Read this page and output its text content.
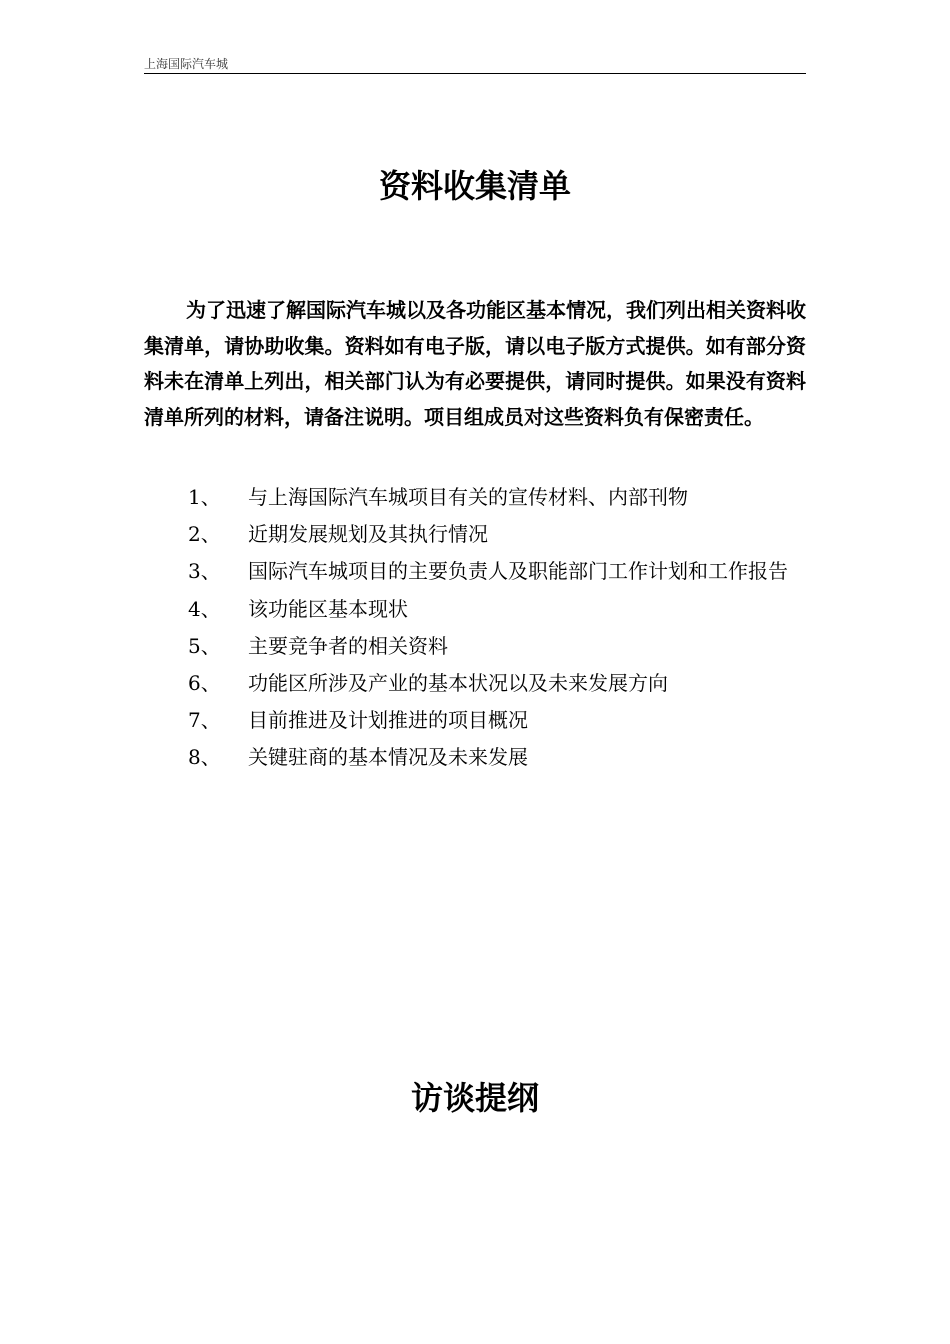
上海国际汽车城
资料收集清单

为了迅速了解国际汽车城以及各功能区基本情况，我们列出相关资料收集清单，请协助收集。资料如有电子版，请以电子版方式提供。如有部分资料未在清单上列出，相关部门认为有必要提供，请同时提供。如果没有资料清单所列的材料，请备注说明。项目组成员对这些资料负有保密责任。

1、 与上海国际汽车城项目有关的宣传材料、内部刊物
2、 近期发展规划及其执行情况
3、 国际汽车城项目的主要负责人及职能部门工作计划和工作报告
4、 该功能区基本现状
5、 主要竞争者的相关资料
6、 功能区所涉及产业的基本状况以及未来发展方向
7、 目前推进及计划推进的项目概况
8、 关键驻商的基本情况及未来发展
访谈提纲
